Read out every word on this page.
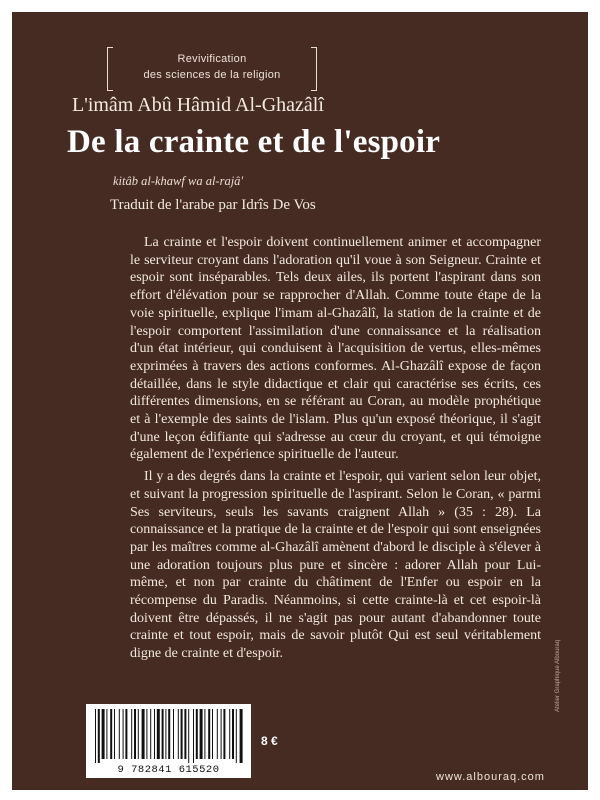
Revivification
des sciences de la religion
L'imâm Abû Hâmid Al-Ghazâlî
De la crainte et de l'espoir
kitâb al-khawf wa al-rajâ'
Traduit de l'arabe par Idrîs De Vos

La crainte et l'espoir doivent continuellement animer et accompagner le serviteur croyant dans l'adoration qu'il voue à son Seigneur. Crainte et espoir sont inséparables. Tels deux ailes, ils portent l'aspirant dans son effort d'élévation pour se rapprocher d'Allah. Comme toute étape de la voie spirituelle, explique l'imam al-Ghazâlî, la station de la crainte et de l'espoir comportent l'assimilation d'une connaissance et la réalisation d'un état intérieur, qui conduisent à l'acquisition de vertus, elles-mêmes exprimées à travers des actions conformes. Al-Ghazâlî expose de façon détaillée, dans le style didactique et clair qui caractérise ses écrits, ces différentes dimensions, en se référant au Coran, au modèle prophétique et à l'exemple des saints de l'islam. Plus qu'un exposé théorique, il s'agit d'une leçon édifiante qui s'adresse au cœur du croyant, et qui témoigne également de l'expérience spirituelle de l'auteur.

Il y a des degrés dans la crainte et l'espoir, qui varient selon leur objet, et suivant la progression spirituelle de l'aspirant. Selon le Coran, « parmi Ses serviteurs, seuls les savants craignent Allah » (35 : 28). La connaissance et la pratique de la crainte et de l'espoir qui sont enseignées par les maîtres comme al-Ghazâlî amènent d'abord le disciple à s'élever à une adoration toujours plus pure et sincère : adorer Allah pour Lui-même, et non par crainte du châtiment de l'Enfer ou espoir en la récompense du Paradis. Néanmoins, si cette crainte-là et cet espoir-là doivent être dépassés, il ne s'agit pas pour autant d'abandonner toute crainte et tout espoir, mais de savoir plutôt Qui est seul véritablement digne de crainte et d'espoir.

9 782841 615520
8 €
Atelier Graphique Albouraq
www.albouraq.com
